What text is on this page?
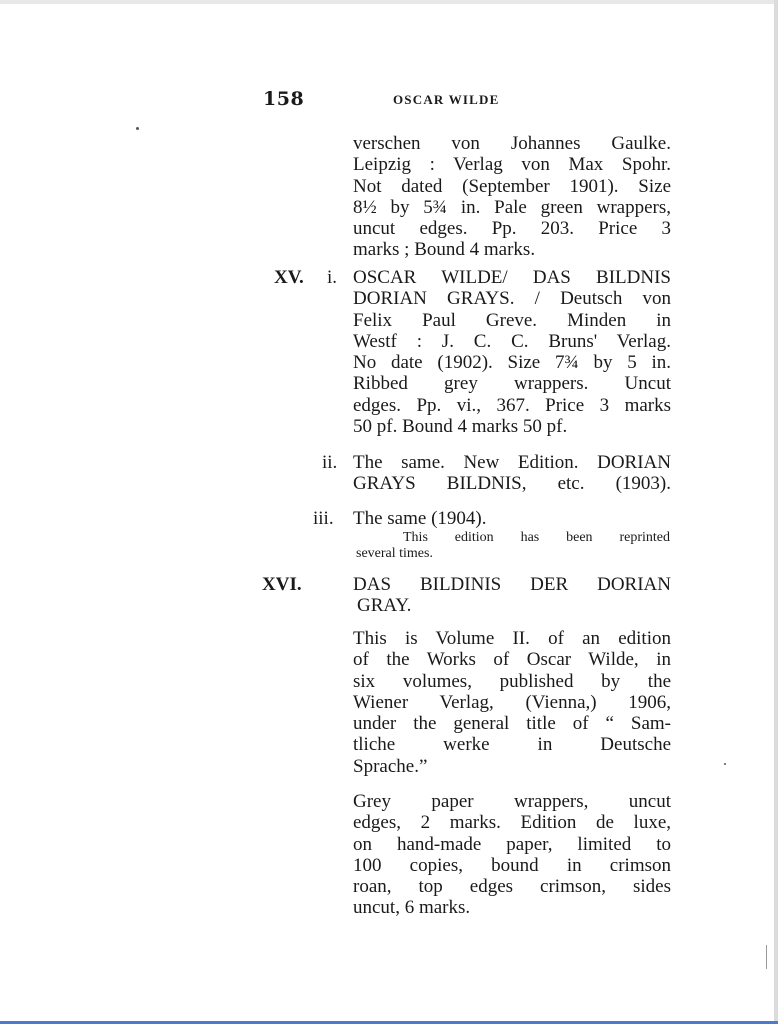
158	OSCAR WILDE
verschen von Johannes Gaulke.
Leipzig : Verlag von Max Spohr.
Not dated (September 1901). Size
8½ by 5¾ in. Pale green wrappers,
uncut edges. Pp. 203. Price 3
marks ; Bound 4 marks.
XV. i. OSCAR WILDE/ DAS BILDNIS
DORIAN GRAYS. / Deutsch von
Felix Paul Greve. Minden in
Westf : J. C. C. Bruns' Verlag.
No date (1902). Size 7¾ by 5 in.
Ribbed grey wrappers. Uncut
edges. Pp. vi., 367. Price 3 marks
50 pf. Bound 4 marks 50 pf.
ii. The same. New Edition. DORIAN
GRAYS BILDNIS, etc. (1903).
iii. The same (1904).
This edition has been reprinted
several times.
XVI.	DAS BILDINIS DER DORIAN
GRAY.
This is Volume II. of an edition
of the Works of Oscar Wilde, in
six volumes, published by the
Wiener Verlag, (Vienna,) 1906,
under the general title of “ Sam-
tliche werke in Deutsche
Sprache.”
Grey paper wrappers, uncut
edges, 2 marks. Edition de luxe,
on hand-made paper, limited to
100 copies, bound in crimson
roan, top edges crimson, sides
uncut, 6 marks.
